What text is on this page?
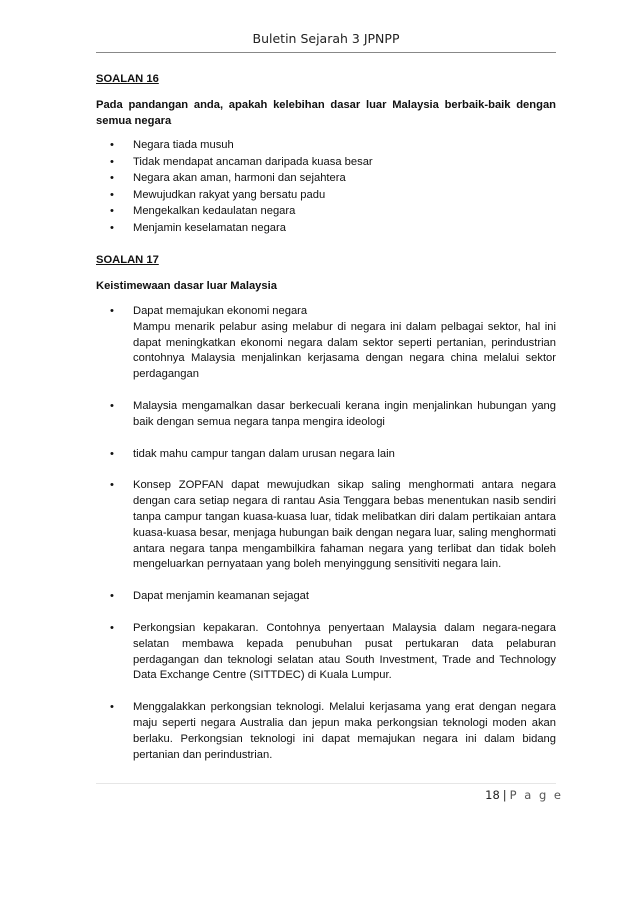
Buletin Sejarah 3 JPNPP
SOALAN 16
Pada pandangan anda, apakah kelebihan dasar luar Malaysia berbaik-baik dengan semua negara
• Negara tiada musuh
• Tidak mendapat ancaman daripada kuasa besar
• Negara akan aman, harmoni dan sejahtera
• Mewujudkan rakyat yang bersatu padu
• Mengekalkan kedaulatan negara
• Menjamin keselamatan negara
SOALAN 17
Keistimewaan dasar luar Malaysia
• Dapat memajukan ekonomi negara
Mampu menarik pelabur asing melabur di negara ini dalam pelbagai sektor, hal ini dapat meningkatkan ekonomi negara dalam sektor seperti pertanian, perindustrian contohnya Malaysia menjalinkan kerjasama dengan negara china melalui sektor perdagangan
• Malaysia mengamalkan dasar berkecuali kerana ingin menjalinkan hubungan yang baik dengan semua negara tanpa mengira ideologi
• tidak mahu campur tangan dalam urusan negara lain
• Konsep ZOPFAN dapat mewujudkan sikap saling menghormati antara negara dengan cara setiap negara di rantau Asia Tenggara bebas menentukan nasib sendiri tanpa campur tangan kuasa-kuasa luar, tidak melibatkan diri dalam pertikaian antara kuasa-kuasa besar, menjaga hubungan baik dengan negara luar, saling menghormati antara negara tanpa mengambilkira fahaman negara yang terlibat dan tidak boleh mengeluarkan pernyataan yang boleh menyinggung sensitiviti negara lain.
• Dapat menjamin keamanan sejagat
• Perkongsian kepakaran. Contohnya penyertaan Malaysia dalam negara-negara selatan membawa kepada penubuhan pusat pertukaran data pelaburan perdagangan dan teknologi selatan atau South Investment, Trade and Technology Data Exchange Centre (SITTDEC) di Kuala Lumpur.
• Menggalakkan perkongsian teknologi. Melalui kerjasama yang erat dengan negara maju seperti negara Australia dan jepun maka perkongsian teknologi moden akan berlaku. Perkongsian teknologi ini dapat memajukan negara ini dalam bidang pertanian dan perindustrian.
18 | P a g e
